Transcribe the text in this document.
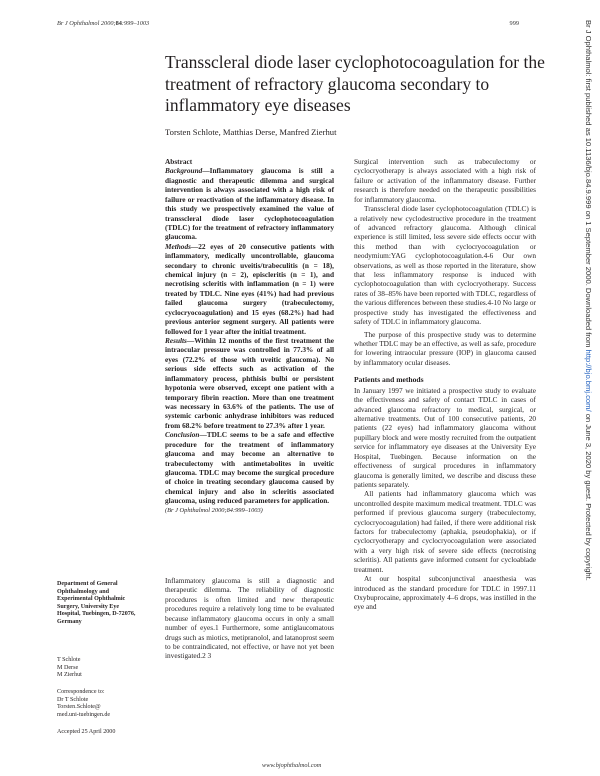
Br J Ophthalmol 2000;84:999–1003	999
Transscleral diode laser cyclophotocoagulation for the treatment of refractory glaucoma secondary to inflammatory eye diseases
Torsten Schlote, Matthias Derse, Manfred Zierhut

Abstract

Background—Inflammatory glaucoma is still a diagnostic and therapeutic dilemma and surgical intervention is always associated with a high risk of failure or reactivation of the inflammatory disease. In this study we prospectively examined the value of transscleral diode laser cyclophotocoagulation (TDLC) for the treatment of refractory inflammatory glaucoma.

Methods—22 eyes of 20 consecutive patients with inflammatory, medically uncontrollable, glaucoma secondary to chronic uveitis/trabeculitis (n = 18), chemical injury (n = 2), episcleritis (n = 1), and necrotising scleritis with inflammation (n = 1) were treated by TDLC. Nine eyes (41%) had had previous failed glaucoma surgery (trabeculectomy, cyclocryocoagulation) and 15 eyes (68.2%) had had previous anterior segment surgery. All patients were followed for 1 year after the initial treatment.

Results—Within 12 months of the first treatment the intraocular pressure was controlled in 77.3% of all eyes (72.2% of those with uveitic glaucoma). No serious side effects such as activation of the inflammatory process, phthisis bulbi or persistent hypotonia were observed, except one patient with a temporary fibrin reaction. More than one treatment was necessary in 63.6% of the patients. The use of systemic carbonic anhydrase inhibitors was reduced from 68.2% before treatment to 27.3% after 1 year.

Conclusion—TDLC seems to be a safe and effective procedure for the treatment of inflammatory glaucoma and may become an alternative to trabeculectomy with antimetabolites in uveitic glaucoma. TDLC may become the surgical procedure of choice in treating secondary glaucoma caused by chemical injury and also in scleritis associated glaucoma, using reduced parameters for application.

(Br J Ophthalmol 2000;84:999–1003)

Inflammatory glaucoma is still a diagnostic and therapeutic dilemma. The reliability of diagnostic procedures is often limited and new therapeutic procedures require a relatively long time to be evaluated because inflammatory glaucoma occurs in only a small number of eyes.1 Furthermore, some antiglaucomatous drugs such as miotics, metipranolol, and latanoprost seem to be contraindicated, not effective, or have not yet been investigated.2 3

Surgical intervention such as trabeculectomy or cyclocryotherapy is always associated with a high risk of failure or activation of the inflammatory disease. Further research is therefore needed on the therapeutic possibilities for inflammatory glaucoma.

Transscleral diode laser cyclophotocoagulation (TDLC) is a relatively new cyclodestructive procedure in the treatment of advanced refractory glaucoma. Although clinical experience is still limited, less severe side effects occur with this method than with cyclocryocoagulation or neodymium:YAG cyclophotocoagulation.4-6 Our own observations, as well as those reported in the literature, show that less inflammatory response is induced with cyclophotocoagulation than with cyclocryotherapy. Success rates of 38–85% have been reported with TDLC, regardless of the various differences between these studies.4-10 No large or prospective study has investigated the effectiveness and safety of TDLC in inflammatory glaucoma.

The purpose of this prospective study was to determine whether TDLC may be an effective, as well as safe, procedure for lowering intraocular pressure (IOP) in glaucoma caused by inflammatory ocular diseases.

Patients and methods

In January 1997 we initiated a prospective study to evaluate the effectiveness and safety of contact TDLC in cases of advanced glaucoma refractory to medical, surgical, or alternative treatments. Out of 100 consecutive patients, 20 patients (22 eyes) had inflammatory glaucoma without pupillary block and were mostly recruited from the outpatient service for inflammatory eye diseases at the University Eye Hospital, Tuebingen. Because information on the effectiveness of surgical procedures in inflammatory glaucoma is generally limited, we describe and discuss these patients separately.

All patients had inflammatory glaucoma which was uncontrolled despite maximum medical treatment. TDLC was performed if previous glaucoma surgery (trabeculectomy, cyclocryocoagulation) had failed, if there were additional risk factors for trabeculectomy (aphakia, pseudophakia), or if cyclocryotherapy and cyclocryocoagulation were associated with a very high risk of severe side effects (necrotising scleritis). All patients gave informed consent for cycloablade treatment.

At our hospital subconjunctival anaesthesia was introduced as the standard procedure for TDLC in 1997.11 Oxybuprocaine, approximately 4–6 drops, was instilled in the eye and

Department of General Ophthalmology and Experimental Ophthalmic Surgery, University Eye Hospital, Tuebingen, D-72076, Germany
T Schlote
M Derse
M Zierhut
Correspondence to:
Dr T Schlote
Torsten.Schlote@
med.uni-tuebingen.de
Accepted 25 April 2000
www.bjophthalmol.com
Br J Ophthalmol: first published as 10.1136/bjo.84.9.999 on 1 September 2000. Downloaded from http://bjo.bmj.com/ on June 3, 2020 by guest. Protected by copyright.
